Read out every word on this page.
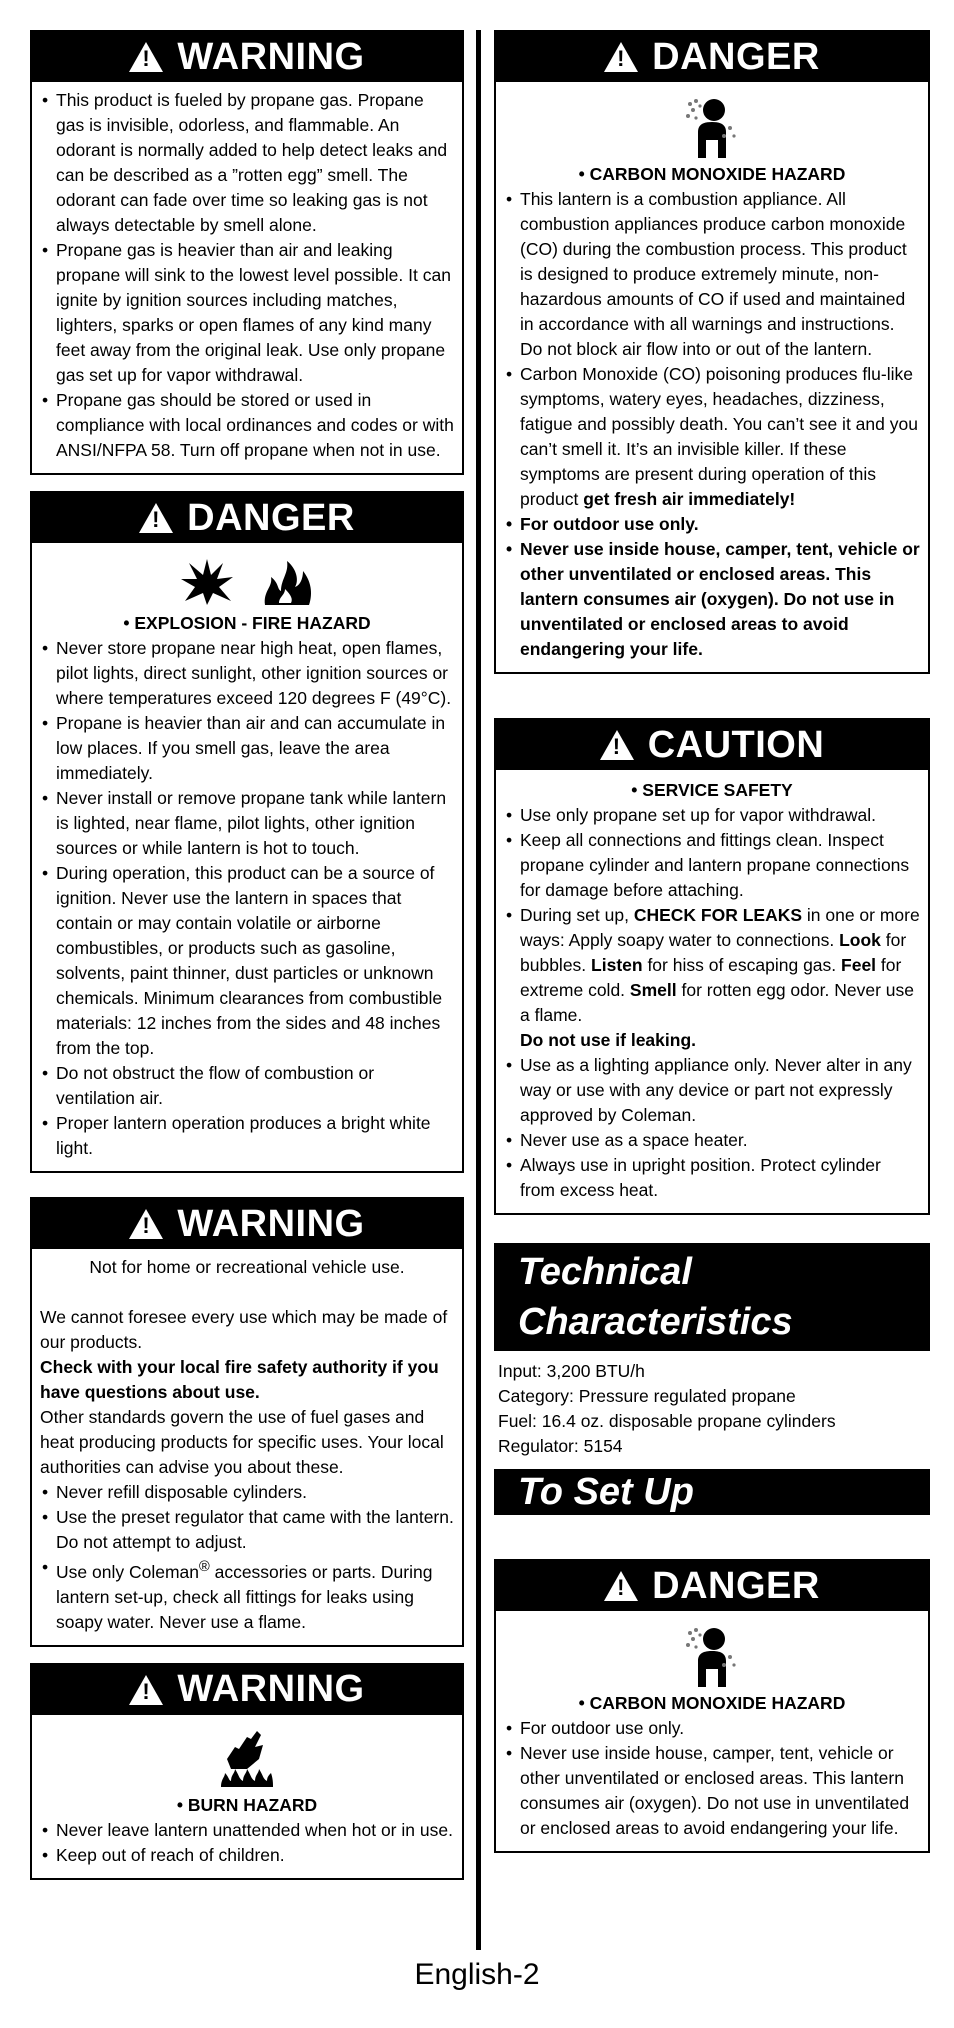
!
WARNING
• This product is fueled by propane gas. Propane gas is invisible, odorless, and flammable. An odorant is normally added to help detect leaks and can be described as a ”rotten egg” smell. The odorant can fade over time so leaking gas is not always detectable by smell alone.
• Propane gas is heavier than air and leaking propane will sink to the lowest level possible. It can ignite by ignition sources including matches, lighters, sparks or open flames of any kind many feet away from the original leak. Use only propane gas set up for vapor withdrawal.
• Propane gas should be stored or used in compliance with local ordinances and codes or with ANSI/NFPA 58. Turn off propane when not in use.
!
DANGER
• EXPLOSION - FIRE HAZARD
• Never store propane near high heat, open flames, pilot lights, direct sunlight, other ignition sources or where temperatures exceed 120 degrees F (49°C).
• Propane is heavier than air and can accumulate in low places. If you smell gas, leave the area immediately.
• Never install or remove propane tank while lantern is lighted, near flame, pilot lights, other ignition sources or while lantern is hot to touch.
• During operation, this product can be a source of ignition. Never use the lantern in spaces that contain or may contain volatile or airborne combustibles, or products such as gasoline, solvents, paint thinner, dust particles or unknown chemicals. Minimum clearances from combustible materials: 12 inches from the sides and 48 inches from the top.
• Do not obstruct the flow of combustion or ventilation air.
• Proper lantern operation produces a bright white light.
!
WARNING
Not for home or recreational vehicle use.
We cannot foresee every use which may be made of our products.
Check with your local fire safety authority if you have questions about use.
Other standards govern the use of fuel gases and heat producing products for specific uses. Your local authorities can advise you about these.
• Never refill disposable cylinders.
• Use the preset regulator that came with the lantern. Do not attempt to adjust.
• Use only Coleman® accessories or parts. During lantern set-up, check all fittings for leaks using soapy water. Never use a flame.
!
WARNING
• BURN HAZARD
• Never leave lantern unattended when hot or in use.
• Keep out of reach of children.
!
DANGER
• CARBON MONOXIDE HAZARD
• This lantern is a combustion appliance. All combustion appliances produce carbon monoxide (CO) during the combustion process. This product is designed to produce extremely minute, non-hazardous amounts of CO if used and maintained in accordance with all warnings and instructions. Do not block air flow into or out of the lantern.
• Carbon Monoxide (CO) poisoning produces flu-like symptoms, watery eyes, headaches, dizziness, fatigue and possibly death. You can’t see it and you can’t smell it. It’s an invisible killer. If these symptoms are present during operation of this product get fresh air immediately!
• For outdoor use only.
• Never use inside house, camper, tent, vehicle or other unventilated or enclosed areas. This lantern consumes air (oxygen). Do not use in unventilated or enclosed areas to avoid endangering your life.
!
CAUTION
• SERVICE SAFETY
• Use only propane set up for vapor withdrawal.
• Keep all connections and fittings clean. Inspect propane cylinder and lantern propane connections for damage before attaching.
• During set up, CHECK FOR LEAKS in one or more ways: Apply soapy water to connections. Look for bubbles. Listen for hiss of escaping gas. Feel for extreme cold. Smell for rotten egg odor. Never use a flame.
Do not use if leaking.
• Use as a lighting appliance only. Never alter in any way or use with any device or part not expressly approved by Coleman.
• Never use as a space heater.
• Always use in upright position. Protect cylinder from excess heat.
Technical
Characteristics
Input: 3,200 BTU/h
Category: Pressure regulated propane
Fuel: 16.4 oz. disposable propane cylinders
Regulator: 5154
To Set Up
!
DANGER
• CARBON MONOXIDE HAZARD
• For outdoor use only.
• Never use inside house, camper, tent, vehicle or other unventilated or enclosed areas. This lantern consumes air (oxygen). Do not use in unventilated or enclosed areas to avoid endangering your life.
English-2
